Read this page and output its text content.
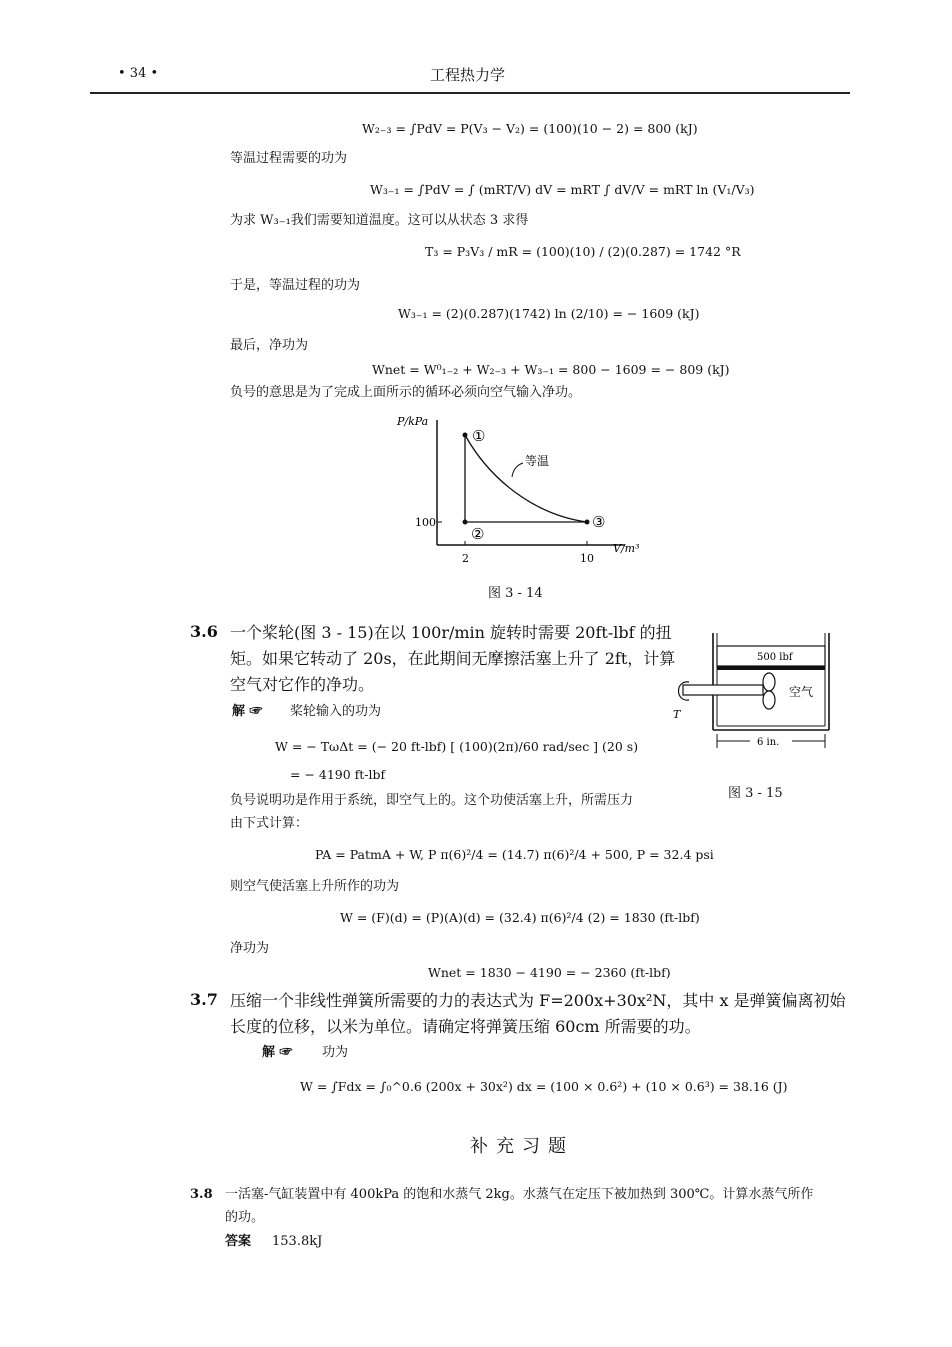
• 34 •	工程热力学
W₂₋₃ = ∫PdV = P(V₃ − V₂) = (100)(10 − 2) = 800 (kJ)
等温过程需要的功为
W₃₋₁ = ∫PdV = ∫ (mRT/V) dV = mRT ∫ dV/V = mRT ln (V₁/V₃)
为求 W₃₋₁我们需要知道温度。这可以从状态 3 求得
T₃ = P₃V₃ / mR = (100)(10) / (2)(0.287) = 1742 °R
于是，等温过程的功为
W₃₋₁ = (2)(0.287)(1742) ln (2/10) = − 1609 (kJ)
最后，净功为
Wnet = W⁰₁₋₂ + W₂₋₃ + W₃₋₁ = 800 − 1609 = − 809 (kJ)
负号的意思是为了完成上面所示的循环必须向空气输入净功。
P/kPa
V/m³
100
2	10
等温
①
②
③
图 3 - 14
3.6 一个桨轮(图 3 - 15)在以 100r/min 旋转时需要 20ft-lbf 的扭
矩。如果它转动了 20s，在此期间无摩擦活塞上升了 2ft，计算
空气对它作的净功。
解 ☞ 桨轮输入的功为
W = − TωΔt = (− 20 ft-lbf) [ (100)(2π)/60 rad/sec ] (20 s)
= − 4190 ft-lbf
负号说明功是作用于系统，即空气上的。这个功使活塞上升，所需压力
由下式计算：
PA = PatmA + W, P π(6)²/4 = (14.7) π(6)²/4 + 500, P = 32.4 psi
则空气使活塞上升所作的功为
W = (F)(d) = (P)(A)(d) = (32.4) π(6)²/4 (2) = 1830 (ft-lbf)
净功为
Wnet = 1830 − 4190 = − 2360 (ft-lbf)
500 lbf
空气
T
6 in.
图 3 - 15
3.7 压缩一个非线性弹簧所需要的力的表达式为 F=200x+30x²N，其中 x 是弹簧偏离初始
长度的位移，以米为单位。请确定将弹簧压缩 60cm 所需要的功。
解 ☞ 功为
W = ∫Fdx = ∫₀^0.6 (200x + 30x²) dx = (100 × 0.6²) + (10 × 0.6³) = 38.16 (J)
补充习题
3.8 一活塞-气缸装置中有 400kPa 的饱和水蒸气 2kg。水蒸气在定压下被加热到 300℃。计算水蒸气所作
的功。
答案 153.8kJ
